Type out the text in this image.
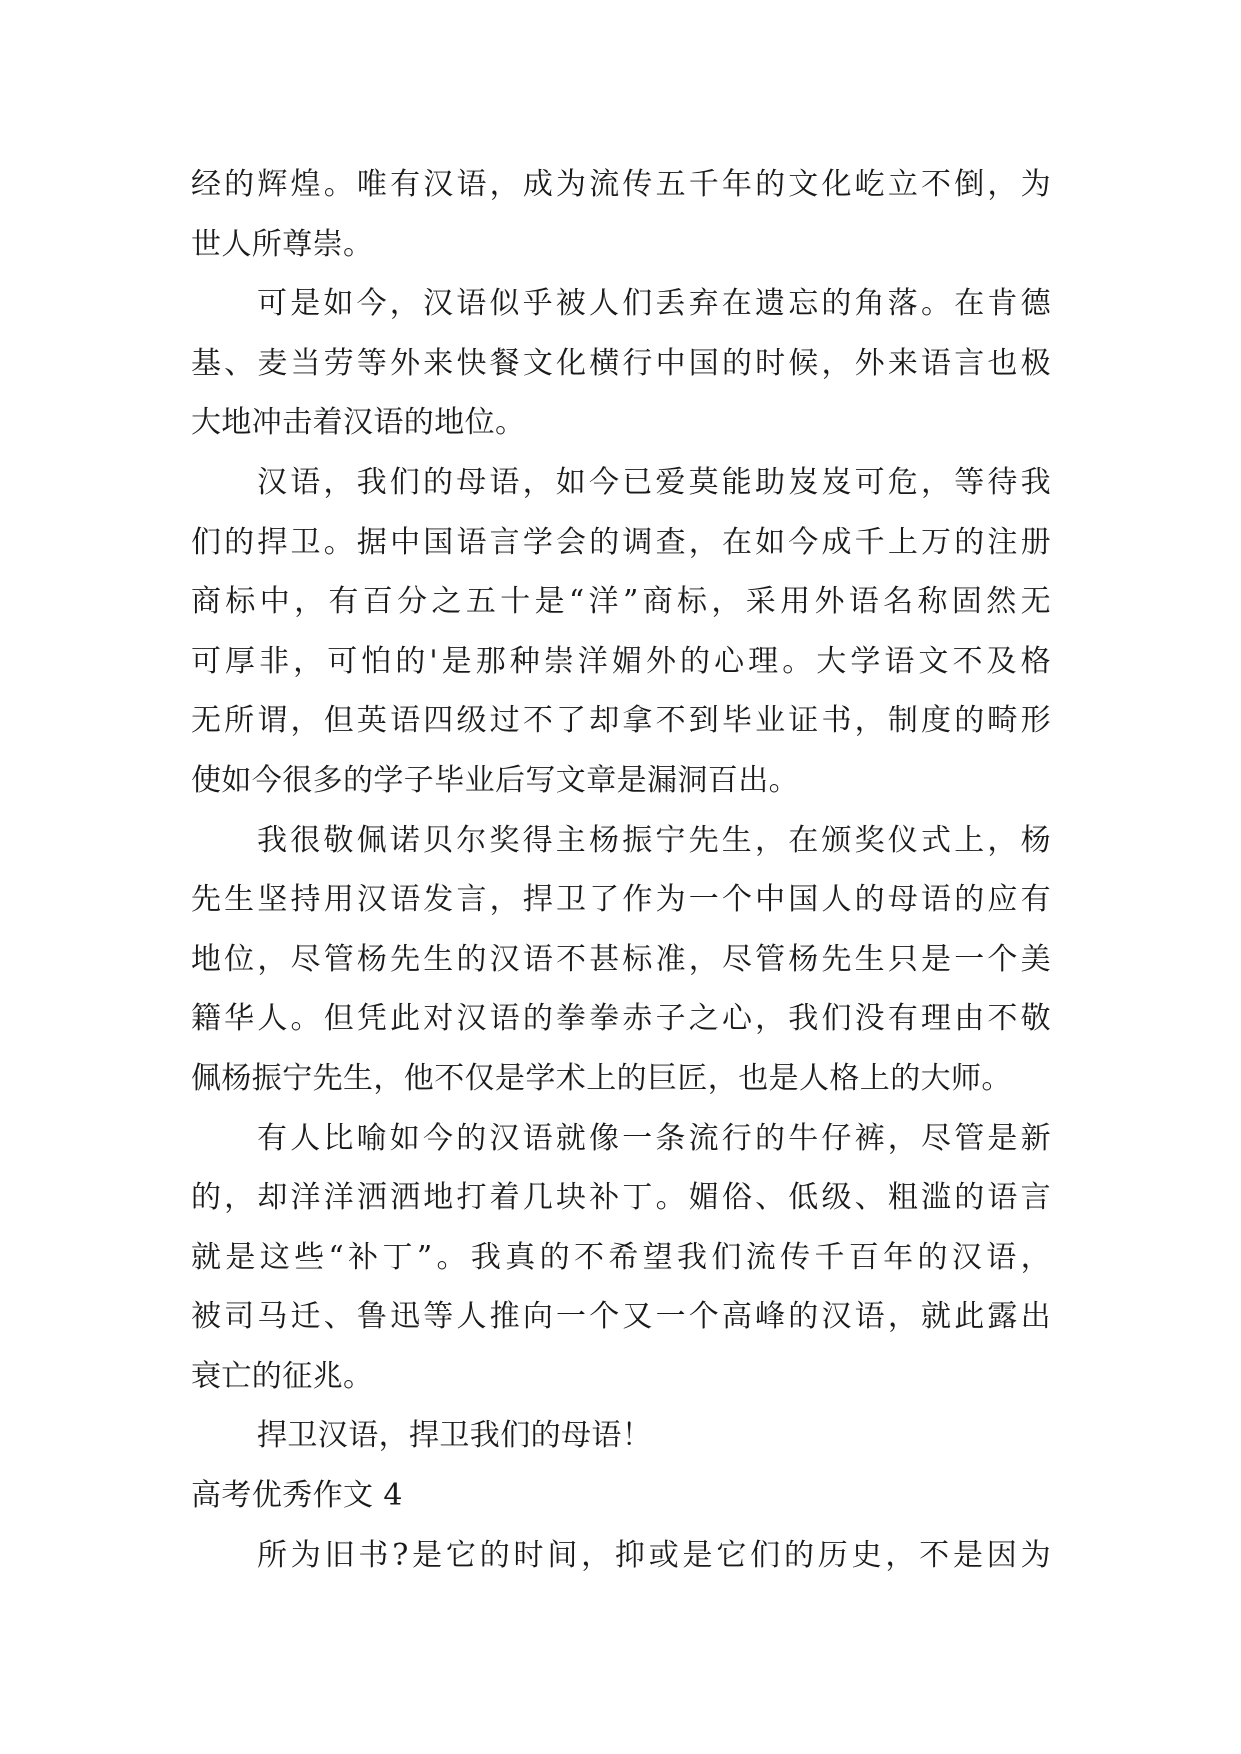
经的辉煌。唯有汉语，成为流传五千年的文化屹立不倒，为
世人所尊崇。
可是如今，汉语似乎被人们丢弃在遗忘的角落。在肯德
基、麦当劳等外来快餐文化横行中国的时候，外来语言也极
大地冲击着汉语的地位。
汉语，我们的母语，如今已爱莫能助岌岌可危，等待我
们的捍卫。据中国语言学会的调查，在如今成千上万的注册
商标中，有百分之五十是“洋”商标，采用外语名称固然无
可厚非，可怕的'是那种崇洋媚外的心理。大学语文不及格
无所谓，但英语四级过不了却拿不到毕业证书，制度的畸形
使如今很多的学子毕业后写文章是漏洞百出。
我很敬佩诺贝尔奖得主杨振宁先生，在颁奖仪式上，杨
先生坚持用汉语发言，捍卫了作为一个中国人的母语的应有
地位，尽管杨先生的汉语不甚标准，尽管杨先生只是一个美
籍华人。但凭此对汉语的拳拳赤子之心，我们没有理由不敬
佩杨振宁先生，他不仅是学术上的巨匠，也是人格上的大师。
有人比喻如今的汉语就像一条流行的牛仔裤，尽管是新
的，却洋洋洒洒地打着几块补丁。媚俗、低级、粗滥的语言
就是这些“补丁”。我真的不希望我们流传千百年的汉语，
被司马迁、鲁迅等人推向一个又一个高峰的汉语，就此露出
衰亡的征兆。
捍卫汉语，捍卫我们的母语！
高考优秀作文 4
所为旧书?是它的时间，抑或是它们的历史，不是因为
